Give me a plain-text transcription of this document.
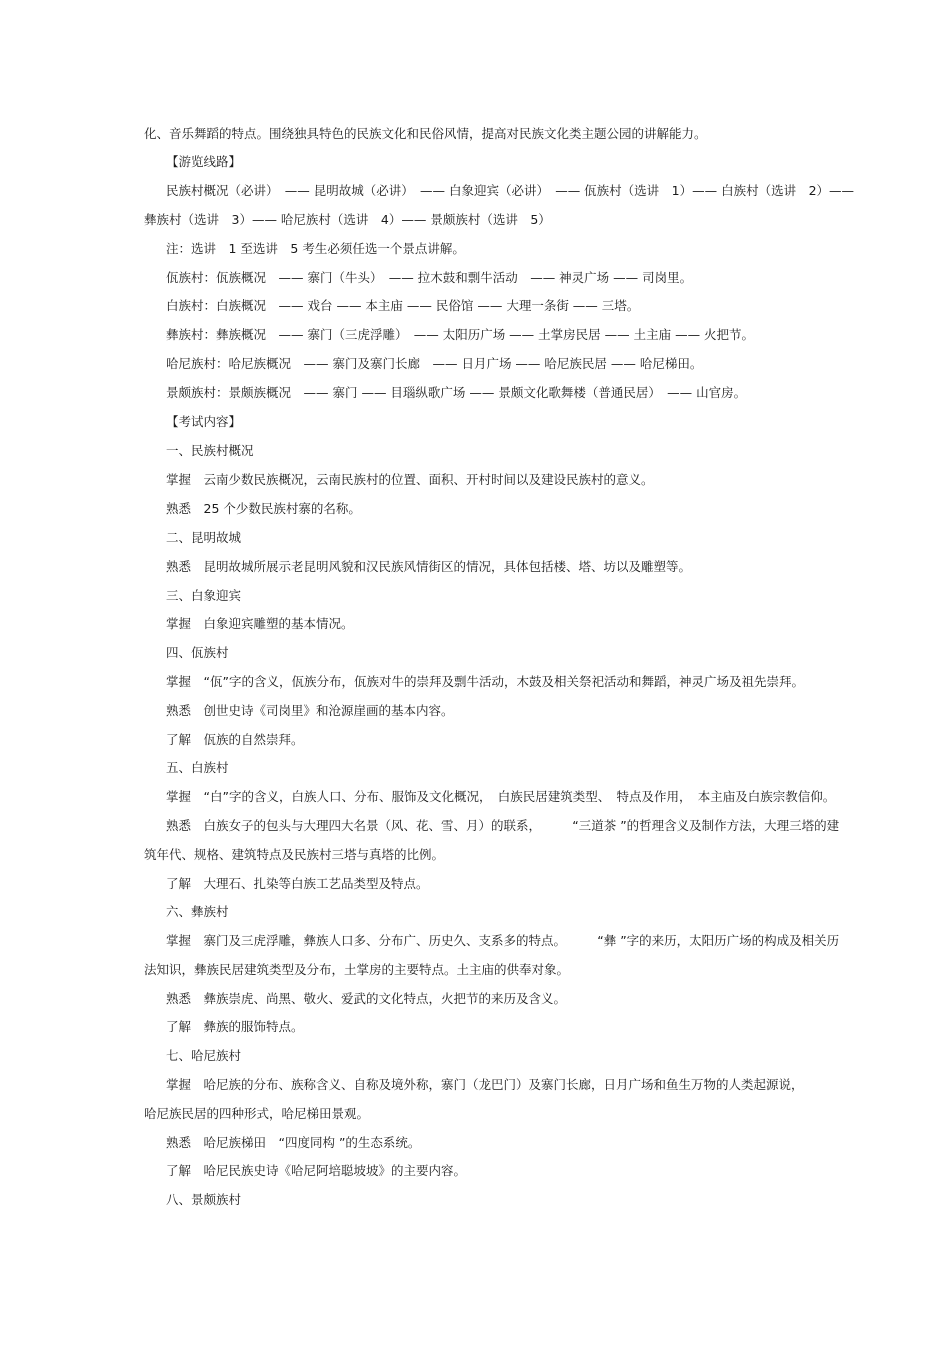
化、音乐舞蹈的特点。围绕独具特色的民族文化和民俗风情，提高对民族文化类主题公园的讲解能力。
【游览线路】
民族村概况（必讲）　—— 昆明故城（必讲）　—— 白象迎宾（必讲）　—— 佤族村（选讲　1）—— 白族村（选讲　2）——
彝族村（选讲　3）—— 哈尼族村（选讲　4）—— 景颇族村（选讲　5）
注：选讲　1 至选讲　5 考生必须任选一个景点讲解。
佤族村：佤族概况　—— 寨门（牛头）　—— 拉木鼓和剽牛活动　—— 神灵广场 —— 司岗里。
白族村：白族概况　—— 戏台 —— 本主庙 —— 民俗馆 —— 大理一条街 —— 三塔。
彝族村：彝族概况　—— 寨门（三虎浮雕）　—— 太阳历广场 —— 土掌房民居 —— 土主庙 —— 火把节。
哈尼族村：哈尼族概况　—— 寨门及寨门长廊　—— 日月广场 —— 哈尼族民居 —— 哈尼梯田。
景颇族村：景颇族概况　—— 寨门 —— 目瑙纵歌广场 —— 景颇文化歌舞楼（普通民居）　—— 山官房。
【考试内容】
一、民族村概况
掌握　云南少数民族概况，云南民族村的位置、面积、开村时间以及建设民族村的意义。
熟悉　25 个少数民族村寨的名称。
二、昆明故城
熟悉　昆明故城所展示老昆明风貌和汉民族风情街区的情况，具体包括楼、塔、坊以及雕塑等。
三、白象迎宾
掌握　白象迎宾雕塑的基本情况。
四、佤族村
掌握　“佤”字的含义，佤族分布，佤族对牛的崇拜及剽牛活动，木鼓及相关祭祀活动和舞蹈，神灵广场及祖先崇拜。
熟悉　创世史诗《司岗里》和沧源崖画的基本内容。
了解　佤族的自然崇拜。
五、白族村
掌握　“白”字的含义，白族人口、分布、服饰及文化概况，　白族民居建筑类型、　特点及作用，　本主庙及白族宗教信仰。
熟悉　白族女子的包头与大理四大名景（风、花、雪、月）的联系，　　　“三道茶 ”的哲理含义及制作方法，大理三塔的建
筑年代、规格、建筑特点及民族村三塔与真塔的比例。
了解　大理石、扎染等白族工艺品类型及特点。
六、彝族村
掌握　寨门及三虎浮雕，彝族人口多、分布广、历史久、支系多的特点。　　　“彝 ”字的来历，太阳历广场的构成及相关历
法知识，彝族民居建筑类型及分布，土掌房的主要特点。土主庙的供奉对象。
熟悉　彝族崇虎、尚黑、敬火、爱武的文化特点，火把节的来历及含义。
了解　彝族的服饰特点。
七、哈尼族村
掌握　哈尼族的分布、族称含义、自称及境外称，寨门（龙巴门）及寨门长廊，日月广场和鱼生万物的人类起源说，
哈尼族民居的四种形式，哈尼梯田景观。
熟悉　哈尼族梯田　“四度同构 ”的生态系统。
了解　哈尼民族史诗《哈尼阿培聪坡坡》的主要内容。
八、景颇族村
